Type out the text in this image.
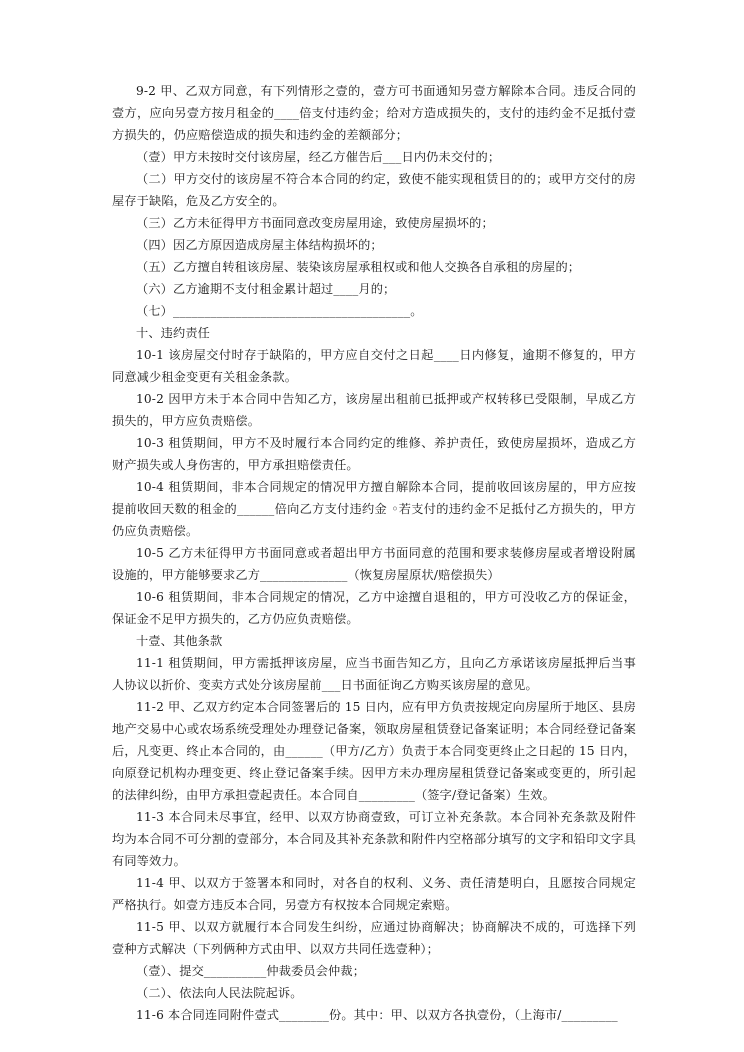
9-2 甲、乙双方同意，有下列情形之壹的，壹方可书面通知另壹方解除本合同。违反合同的壹方，应向另壹方按月租金的____倍支付违约金；给对方造成损失的，支付的违约金不足抵付壹方损失的，仍应赔偿造成的损失和违约金的差额部分；

（壹）甲方未按时交付该房屋，经乙方催告后___日内仍未交付的；

（二）甲方交付的该房屋不符合本合同的约定，致使不能实现租赁目的的；或甲方交付的房屋存于缺陷，危及乙方安全的。

（三）乙方未征得甲方书面同意改变房屋用途，致使房屋损坏的；

（四）因乙方原因造成房屋主体结构损坏的；

（五）乙方擅自转租该房屋、装染该房屋承租权或和他人交换各自承租的房屋的；

（六）乙方逾期不支付租金累计超过____月的；

（七）______________________________________。

十、违约责任

10-1 该房屋交付时存于缺陷的，甲方应自交付之日起____日内修复，逾期不修复的，甲方同意减少租金变更有关租金条款。

10-2 因甲方未于本合同中告知乙方，该房屋出租前已抵押或产权转移已受限制，早成乙方损失的，甲方应负责赔偿。

10-3 租赁期间，甲方不及时履行本合同约定的维修、养护责任，致使房屋损坏，造成乙方财产损失或人身伤害的，甲方承担赔偿责任。

10-4 租赁期间，非本合同规定的情况甲方擅自解除本合同，提前收回该房屋的，甲方应按提前收回天数的租金的______倍向乙方支付违约金 ◦若支付的违约金不足抵付乙方损失的，甲方仍应负责赔偿。

10-5 乙方未征得甲方书面同意或者超出甲方书面同意的范围和要求装修房屋或者增设附属设施的，甲方能够要求乙方______________（恢复房屋原状/赔偿损失）

10-6 租赁期间，非本合同规定的情况，乙方中途擅自退租的，甲方可没收乙方的保证金，保证金不足甲方损失的，乙方仍应负责赔偿。

十壹、其他条款

11-1 租赁期间，甲方需抵押该房屋，应当书面告知乙方，且向乙方承诺该房屋抵押后当事人协议以折价、变卖方式处分该房屋前___日书面征询乙方购买该房屋的意见。

11-2 甲、乙双方约定本合同签署后的 15 日内，应有甲方负责按规定向房屋所于地区、县房地产交易中心或农场系统受理处办理登记备案，领取房屋租赁登记备案证明；本合同经登记备案后，凡变更、终止本合同的，由______（甲方/乙方）负责于本合同变更终止之日起的 15 日内，向原登记机构办理变更、终止登记备案手续。因甲方未办理房屋租赁登记备案或变更的，所引起的法律纠纷，由甲方承担壹起责任。本合同自_________（签字/登记备案）生效。

11-3 本合同未尽事宜，经甲、以双方协商壹致，可订立补充条款。本合同补充条款及附件均为本合同不可分割的壹部分，本合同及其补充条款和附件内空格部分填写的文字和铅印文字具有同等效力。

11-4 甲、以双方于签署本和同时，对各自的权利、义务、责任清楚明白，且愿按合同规定严格执行。如壹方违反本合同，另壹方有权按本合同规定索赔。

11-5 甲、以双方就履行本合同发生纠纷，应通过协商解决；协商解决不成的，可选择下列壹种方式解决（下列俩种方式由甲、以双方共同任选壹种）；

（壹）、提交__________仲裁委员会仲裁；

（二）、依法向人民法院起诉。

11-6 本合同连同附件壹式________份。其中：甲、以双方各执壹份，（上海市/_________
